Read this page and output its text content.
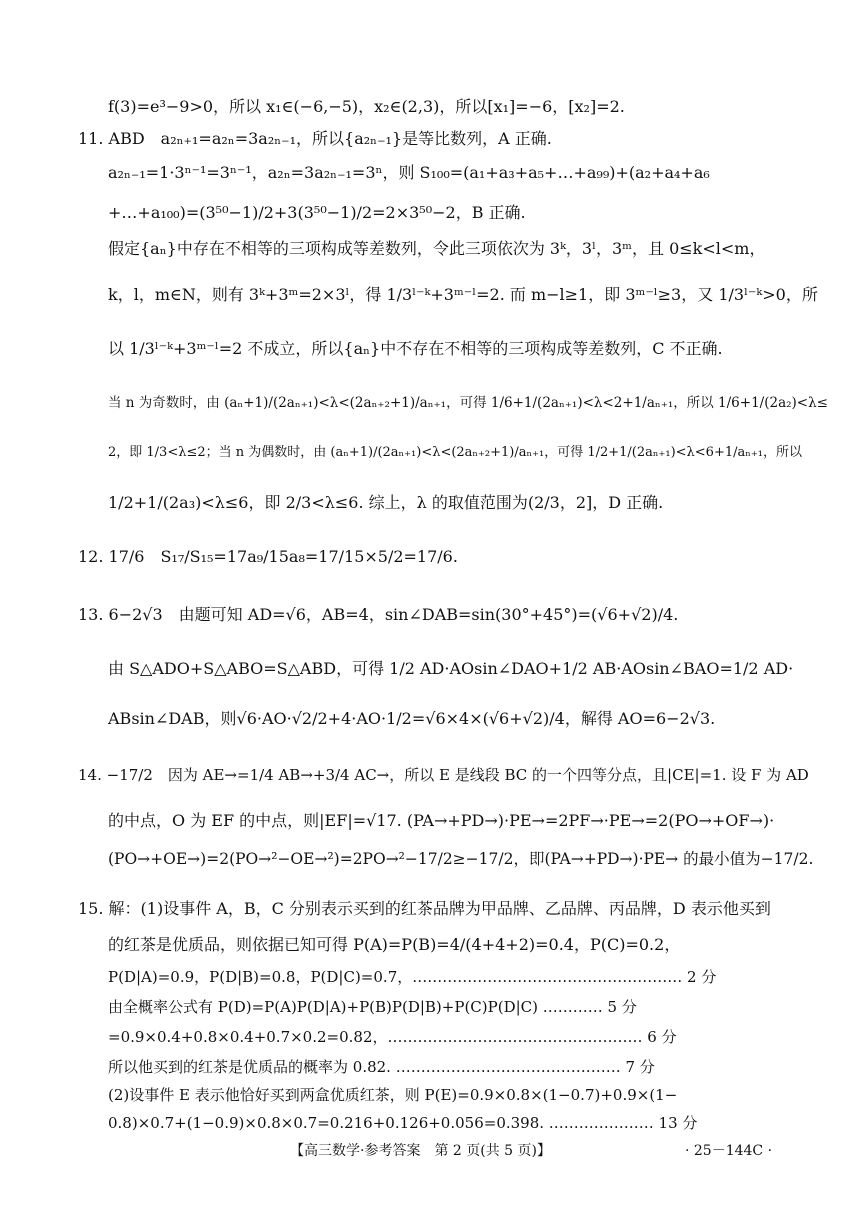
f(3)=e³−9>0，所以 x₁∈(−6,−5)，x₂∈(2,3)，所以[x₁]=−6，[x₂]=2.
11. ABD　a₂ₙ₊₁=a₂ₙ=3a₂ₙ₋₁，所以{a₂ₙ₋₁}是等比数列，A 正确.
a₂ₙ₋₁=1·3ⁿ⁻¹=3ⁿ⁻¹，a₂ₙ=3a₂ₙ₋₁=3ⁿ，则 S₁₀₀=(a₁+a₃+a₅+…+a₉₉)+(a₂+a₄+a₆
+…+a₁₀₀)=(3⁵⁰−1)/2+3(3⁵⁰−1)/2=2×3⁵⁰−2，B 正确.
假定{aₙ}中存在不相等的三项构成等差数列，令此三项依次为 3ᵏ，3ˡ，3ᵐ，且 0≤k<l<m，
k，l，m∈N，则有 3ᵏ+3ᵐ=2×3ˡ，得 1/3ˡ⁻ᵏ+3ᵐ⁻ˡ=2. 而 m−l≥1，即 3ᵐ⁻ˡ≥3，又 1/3ˡ⁻ᵏ>0，所
以 1/3ˡ⁻ᵏ+3ᵐ⁻ˡ=2 不成立，所以{aₙ}中不存在不相等的三项构成等差数列，C 不正确.
当 n 为奇数时，由 (aₙ+1)/(2aₙ₊₁)<λ<(2aₙ₊₂+1)/aₙ₊₁，可得 1/6+1/(2aₙ₊₁)<λ<2+1/aₙ₊₁，所以 1/6+1/(2a₂)<λ≤
2，即 1/3<λ≤2；当 n 为偶数时，由 (aₙ+1)/(2aₙ₊₁)<λ<(2aₙ₊₂+1)/aₙ₊₁，可得 1/2+1/(2aₙ₊₁)<λ<6+1/aₙ₊₁，所以
1/2+1/(2a₃)<λ≤6，即 2/3<λ≤6. 综上，λ 的取值范围为(2/3，2]，D 正确.
12. 17/6　S₁₇/S₁₅=17a₉/15a₈=17/15×5/2=17/6.
13. 6−2√3　由题可知 AD=√6，AB=4，sin∠DAB=sin(30°+45°)=(√6+√2)/4.
由 S△ADO+S△ABO=S△ABD，可得 1/2 AD·AOsin∠DAO+1/2 AB·AOsin∠BAO=1/2 AD·
ABsin∠DAB，则√6·AO·√2/2+4·AO·1/2=√6×4×(√6+√2)/4，解得 AO=6−2√3.
14. −17/2　因为 AE→=1/4 AB→+3/4 AC→，所以 E 是线段 BC 的一个四等分点，且|CE|=1. 设 F 为 AD
的中点，O 为 EF 的中点，则|EF|=√17. (PA→+PD→)·PE→=2PF→·PE→=2(PO→+OF→)·
(PO→+OE→)=2(PO→²−OE→²)=2PO→²−17/2≥−17/2，即(PA→+PD→)·PE→ 的最小值为−17/2.
15. 解：(1)设事件 A，B，C 分别表示买到的红茶品牌为甲品牌、乙品牌、丙品牌，D 表示他买到
的红茶是优质品，则依据已知可得 P(A)=P(B)=4/(4+4+2)=0.4，P(C)=0.2，
P(D|A)=0.9，P(D|B)=0.8，P(D|C)=0.7，……………………………………………… 2 分
由全概率公式有 P(D)=P(A)P(D|A)+P(B)P(D|B)+P(C)P(D|C) ………… 5 分
=0.9×0.4+0.8×0.4+0.7×0.2=0.82，…………………………………………… 6 分
所以他买到的红茶是优质品的概率为 0.82. ……………………………………… 7 分
(2)设事件 E 表示他恰好买到两盒优质红茶，则 P(E)=0.9×0.8×(1−0.7)+0.9×(1−
0.8)×0.7+(1−0.9)×0.8×0.7=0.216+0.126+0.056=0.398. ………………… 13 分
【高三数学·参考答案　第 2 页(共 5 页)】	· 25－144C ·
